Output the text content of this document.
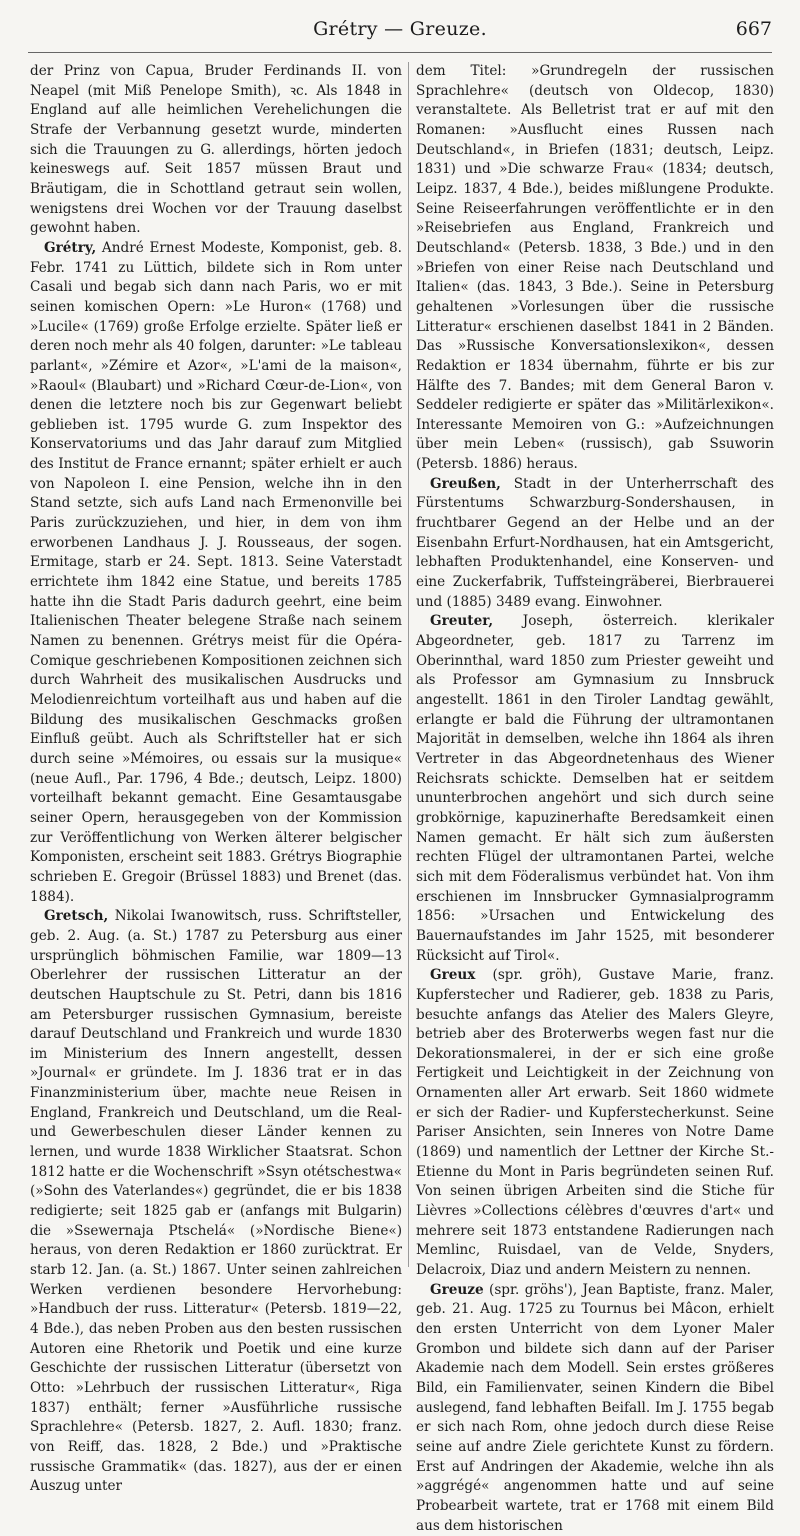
Grétry — Greuze.	667

der Prinz von Capua, Bruder Ferdinands II. von Neapel (mit Miß Penelope Smith), ꝛc. Als 1848 in England auf alle heimlichen Verehelichungen die Strafe der Verbannung gesetzt wurde, minderten sich die Trauungen zu G. allerdings, hörten jedoch keineswegs auf. Seit 1857 müssen Braut und Bräutigam, die in Schottland getraut sein wollen, wenigstens drei Wochen vor der Trauung daselbst gewohnt haben.

Grétry, André Ernest Modeste, Komponist, geb. 8. Febr. 1741 zu Lüttich, bildete sich in Rom unter Casali und begab sich dann nach Paris, wo er mit seinen komischen Opern: »Le Huron« (1768) und »Lucile« (1769) große Erfolge erzielte. Später ließ er deren noch mehr als 40 folgen, darunter: »Le tableau parlant«, »Zémire et Azor«, »L'ami de la maison«, »Raoul« (Blaubart) und »Richard Cœur-de-Lion«, von denen die letztere noch bis zur Gegenwart beliebt geblieben ist. 1795 wurde G. zum Inspektor des Konservatoriums und das Jahr darauf zum Mitglied des Institut de France ernannt; später erhielt er auch von Napoleon I. eine Pension, welche ihn in den Stand setzte, sich aufs Land nach Ermenonville bei Paris zurückzuziehen, und hier, in dem von ihm erworbenen Landhaus J. J. Rousseaus, der sogen. Ermitage, starb er 24. Sept. 1813. Seine Vaterstadt errichtete ihm 1842 eine Statue, und bereits 1785 hatte ihn die Stadt Paris dadurch geehrt, eine beim Italienischen Theater belegene Straße nach seinem Namen zu benennen. Grétrys meist für die Opéra-Comique geschriebenen Kompositionen zeichnen sich durch Wahrheit des musikalischen Ausdrucks und Melodienreichtum vorteilhaft aus und haben auf die Bildung des musikalischen Geschmacks großen Einfluß geübt. Auch als Schriftsteller hat er sich durch seine »Mémoires, ou essais sur la musique« (neue Aufl., Par. 1796, 4 Bde.; deutsch, Leipz. 1800) vorteilhaft bekannt gemacht. Eine Gesamtausgabe seiner Opern, herausgegeben von der Kommission zur Veröffentlichung von Werken älterer belgischer Komponisten, erscheint seit 1883. Grétrys Biographie schrieben E. Gregoir (Brüssel 1883) und Brenet (das. 1884).

Gretsch, Nikolai Iwanowitsch, russ. Schriftsteller, geb. 2. Aug. (a. St.) 1787 zu Petersburg aus einer ursprünglich böhmischen Familie, war 1809—13 Oberlehrer der russischen Litteratur an der deutschen Hauptschule zu St. Petri, dann bis 1816 am Petersburger russischen Gymnasium, bereiste darauf Deutschland und Frankreich und wurde 1830 im Ministerium des Innern angestellt, dessen »Journal« er gründete. Im J. 1836 trat er in das Finanzministerium über, machte neue Reisen in England, Frankreich und Deutschland, um die Real- und Gewerbeschulen dieser Länder kennen zu lernen, und wurde 1838 Wirklicher Staatsrat. Schon 1812 hatte er die Wochenschrift »Ssyn otétschestwa« (»Sohn des Vaterlandes«) gegründet, die er bis 1838 redigierte; seit 1825 gab er (anfangs mit Bulgarin) die »Ssewernaja Ptschelá« (»Nordische Biene«) heraus, von deren Redaktion er 1860 zurücktrat. Er starb 12. Jan. (a. St.) 1867. Unter seinen zahlreichen Werken verdienen besondere Hervorhebung: »Handbuch der russ. Litteratur« (Petersb. 1819—22, 4 Bde.), das neben Proben aus den besten russischen Autoren eine Rhetorik und Poetik und eine kurze Geschichte der russischen Litteratur (übersetzt von Otto: »Lehrbuch der russischen Litteratur«, Riga 1837) enthält; ferner »Ausführliche russische Sprachlehre« (Petersb. 1827, 2. Aufl. 1830; franz. von Reiff, das. 1828, 2 Bde.) und »Praktische russische Grammatik« (das. 1827), aus der er einen Auszug unter

dem Titel: »Grundregeln der russischen Sprachlehre« (deutsch von Oldecop, 1830) veranstaltete. Als Belletrist trat er auf mit den Romanen: »Ausflucht eines Russen nach Deutschland«, in Briefen (1831; deutsch, Leipz. 1831) und »Die schwarze Frau« (1834; deutsch, Leipz. 1837, 4 Bde.), beides mißlungene Produkte. Seine Reiseerfahrungen veröffentlichte er in den »Reisebriefen aus England, Frankreich und Deutschland« (Petersb. 1838, 3 Bde.) und in den »Briefen von einer Reise nach Deutschland und Italien« (das. 1843, 3 Bde.). Seine in Petersburg gehaltenen »Vorlesungen über die russische Litteratur« erschienen daselbst 1841 in 2 Bänden. Das »Russische Konversationslexikon«, dessen Redaktion er 1834 übernahm, führte er bis zur Hälfte des 7. Bandes; mit dem General Baron v. Seddeler redigierte er später das »Militärlexikon«. Interessante Memoiren von G.: »Aufzeichnungen über mein Leben« (russisch), gab Ssuworin (Petersb. 1886) heraus.

Greußen, Stadt in der Unterherrschaft des Fürstentums Schwarzburg-Sondershausen, in fruchtbarer Gegend an der Helbe und an der Eisenbahn Erfurt-Nordhausen, hat ein Amtsgericht, lebhaften Produktenhandel, eine Konserven- und eine Zuckerfabrik, Tuffsteingräberei, Bierbrauerei und (1885) 3489 evang. Einwohner.

Greuter, Joseph, österreich. klerikaler Abgeordneter, geb. 1817 zu Tarrenz im Oberinnthal, ward 1850 zum Priester geweiht und als Professor am Gymnasium zu Innsbruck angestellt. 1861 in den Tiroler Landtag gewählt, erlangte er bald die Führung der ultramontanen Majorität in demselben, welche ihn 1864 als ihren Vertreter in das Abgeordnetenhaus des Wiener Reichsrats schickte. Demselben hat er seitdem ununterbrochen angehört und sich durch seine grobkörnige, kapuzinerhafte Beredsamkeit einen Namen gemacht. Er hält sich zum äußersten rechten Flügel der ultramontanen Partei, welche sich mit dem Föderalismus verbündet hat. Von ihm erschienen im Innsbrucker Gymnasialprogramm 1856: »Ursachen und Entwickelung des Bauernaufstandes im Jahr 1525, mit besonderer Rücksicht auf Tirol«.

Greux (spr. gröh), Gustave Marie, franz. Kupferstecher und Radierer, geb. 1838 zu Paris, besuchte anfangs das Atelier des Malers Gleyre, betrieb aber des Broterwerbs wegen fast nur die Dekorationsmalerei, in der er sich eine große Fertigkeit und Leichtigkeit in der Zeichnung von Ornamenten aller Art erwarb. Seit 1860 widmete er sich der Radier- und Kupferstecherkunst. Seine Pariser Ansichten, sein Inneres von Notre Dame (1869) und namentlich der Lettner der Kirche St.-Etienne du Mont in Paris begründeten seinen Ruf. Von seinen übrigen Arbeiten sind die Stiche für Lièvres »Collections célèbres d'œuvres d'art« und mehrere seit 1873 entstandene Radierungen nach Memlinc, Ruisdael, van de Velde, Snyders, Delacroix, Diaz und andern Meistern zu nennen.

Greuze (spr. gröhs'), Jean Baptiste, franz. Maler, geb. 21. Aug. 1725 zu Tournus bei Mâcon, erhielt den ersten Unterricht von dem Lyoner Maler Grombon und bildete sich dann auf der Pariser Akademie nach dem Modell. Sein erstes größeres Bild, ein Familienvater, seinen Kindern die Bibel auslegend, fand lebhaften Beifall. Im J. 1755 begab er sich nach Rom, ohne jedoch durch diese Reise seine auf andre Ziele gerichtete Kunst zu fördern. Erst auf Andringen der Akademie, welche ihn als »aggrégé« angenommen hatte und auf seine Probearbeit wartete, trat er 1768 mit einem Bild aus dem historischen
